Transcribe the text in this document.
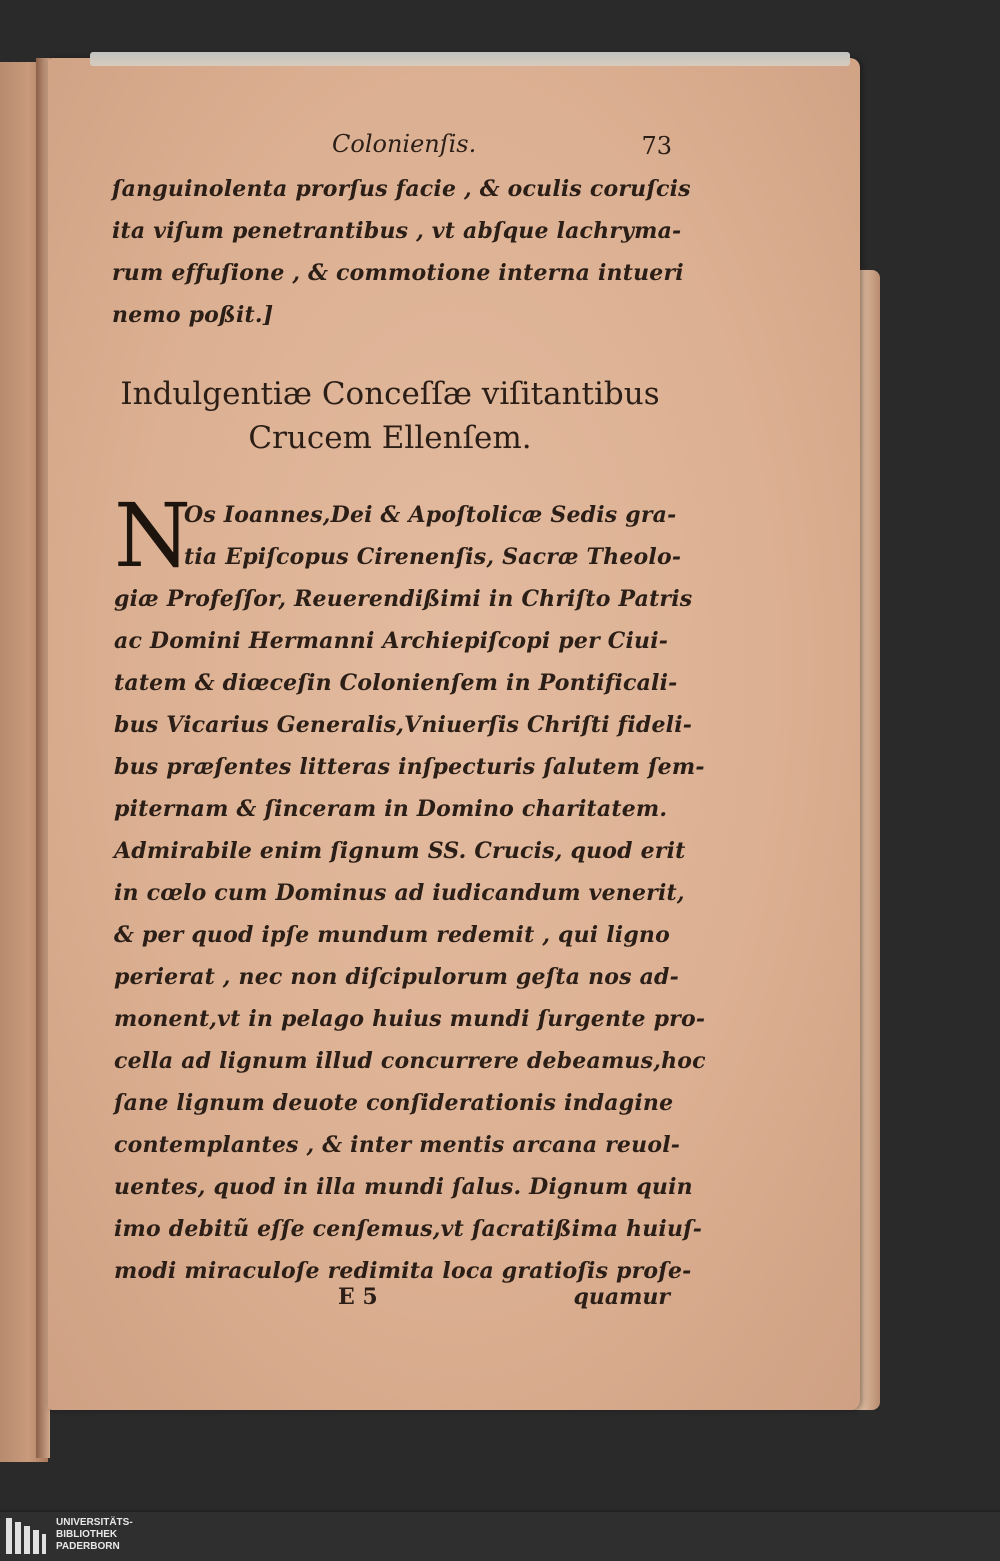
Colonienſis.	73
ſanguinolenta prorſus facie , & oculis coruſcis
ita viſum penetrantibus , vt abſque lachryma-
rum effuſione , & commotione interna intueri
nemo poßit.]
Indulgentiæ Conceſſæ viſitantibus
Crucem Ellenſem.
N
Os Ioannes,Dei & Apoſtolicæ Sedis gra-
tia Epiſcopus Cirenenſis, Sacræ Theolo-
giæ Profeſſor, Reuerendißimi in Chriſto Patris
ac Domini Hermanni Archiepiſcopi per Ciui-
tatem & diœceſin Colonienſem in Pontificali-
bus Vicarius Generalis,Vniuerſis Chriſti fideli-
bus præſentes litteras inſpecturis ſalutem ſem-
piternam & ſinceram in Domino charitatem.
Admirabile enim ſignum SS. Crucis, quod erit
in cœlo cum Dominus ad iudicandum venerit,
& per quod ipſe mundum redemit , qui ligno
perierat , nec non diſcipulorum geſta nos ad-
monent,vt in pelago huius mundi ſurgente pro-
cella ad lignum illud concurrere debeamus,hoc
ſane lignum deuote conſiderationis indagine
contemplantes , & inter mentis arcana reuol-
uentes, quod in illa mundi ſalus. Dignum quin
imo debitũ eſſe cenſemus,vt ſacratißima huiuſ-
modi miraculoſe redimita loca gratioſis proſe-
E 5	quamur
UNIVERSITÄTS-
BIBLIOTHEK
PADERBORN
